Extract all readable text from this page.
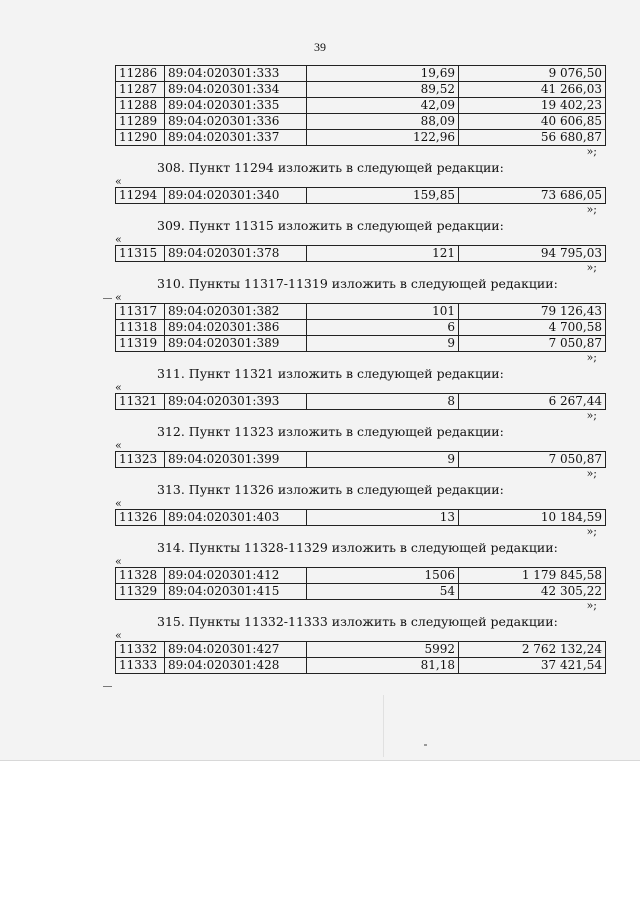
39
11286	89:04:020301:333	19,69	9 076,50
11287	89:04:020301:334	89,52	41 266,03
11288	89:04:020301:335	42,09	19 402,23
11289	89:04:020301:336	88,09	40 606,85
11290	89:04:020301:337	122,96	56 680,87
»;
308. Пункт 11294 изложить в следующей редакции:
«
11294	89:04:020301:340	159,85	73 686,05
»;
309. Пункт 11315 изложить в следующей редакции:
«
11315	89:04:020301:378	121	94 795,03
»;
310. Пункты 11317-11319 изложить в следующей редакции:
«
11317	89:04:020301:382	101	79 126,43
11318	89:04:020301:386	6	4 700,58
11319	89:04:020301:389	9	7 050,87
»;
311. Пункт 11321 изложить в следующей редакции:
«
11321	89:04:020301:393	8	6 267,44
»;
312. Пункт 11323 изложить в следующей редакции:
«
11323	89:04:020301:399	9	7 050,87
»;
313. Пункт 11326 изложить в следующей редакции:
«
11326	89:04:020301:403	13	10 184,59
»;
314. Пункты 11328-11329 изложить в следующей редакции:
«
11328	89:04:020301:412	1506	1 179 845,58
11329	89:04:020301:415	54	42 305,22
»;
315. Пункты 11332-11333 изложить в следующей редакции:
«
11332	89:04:020301:427	5992	2 762 132,24
11333	89:04:020301:428	81,18	37 421,54
